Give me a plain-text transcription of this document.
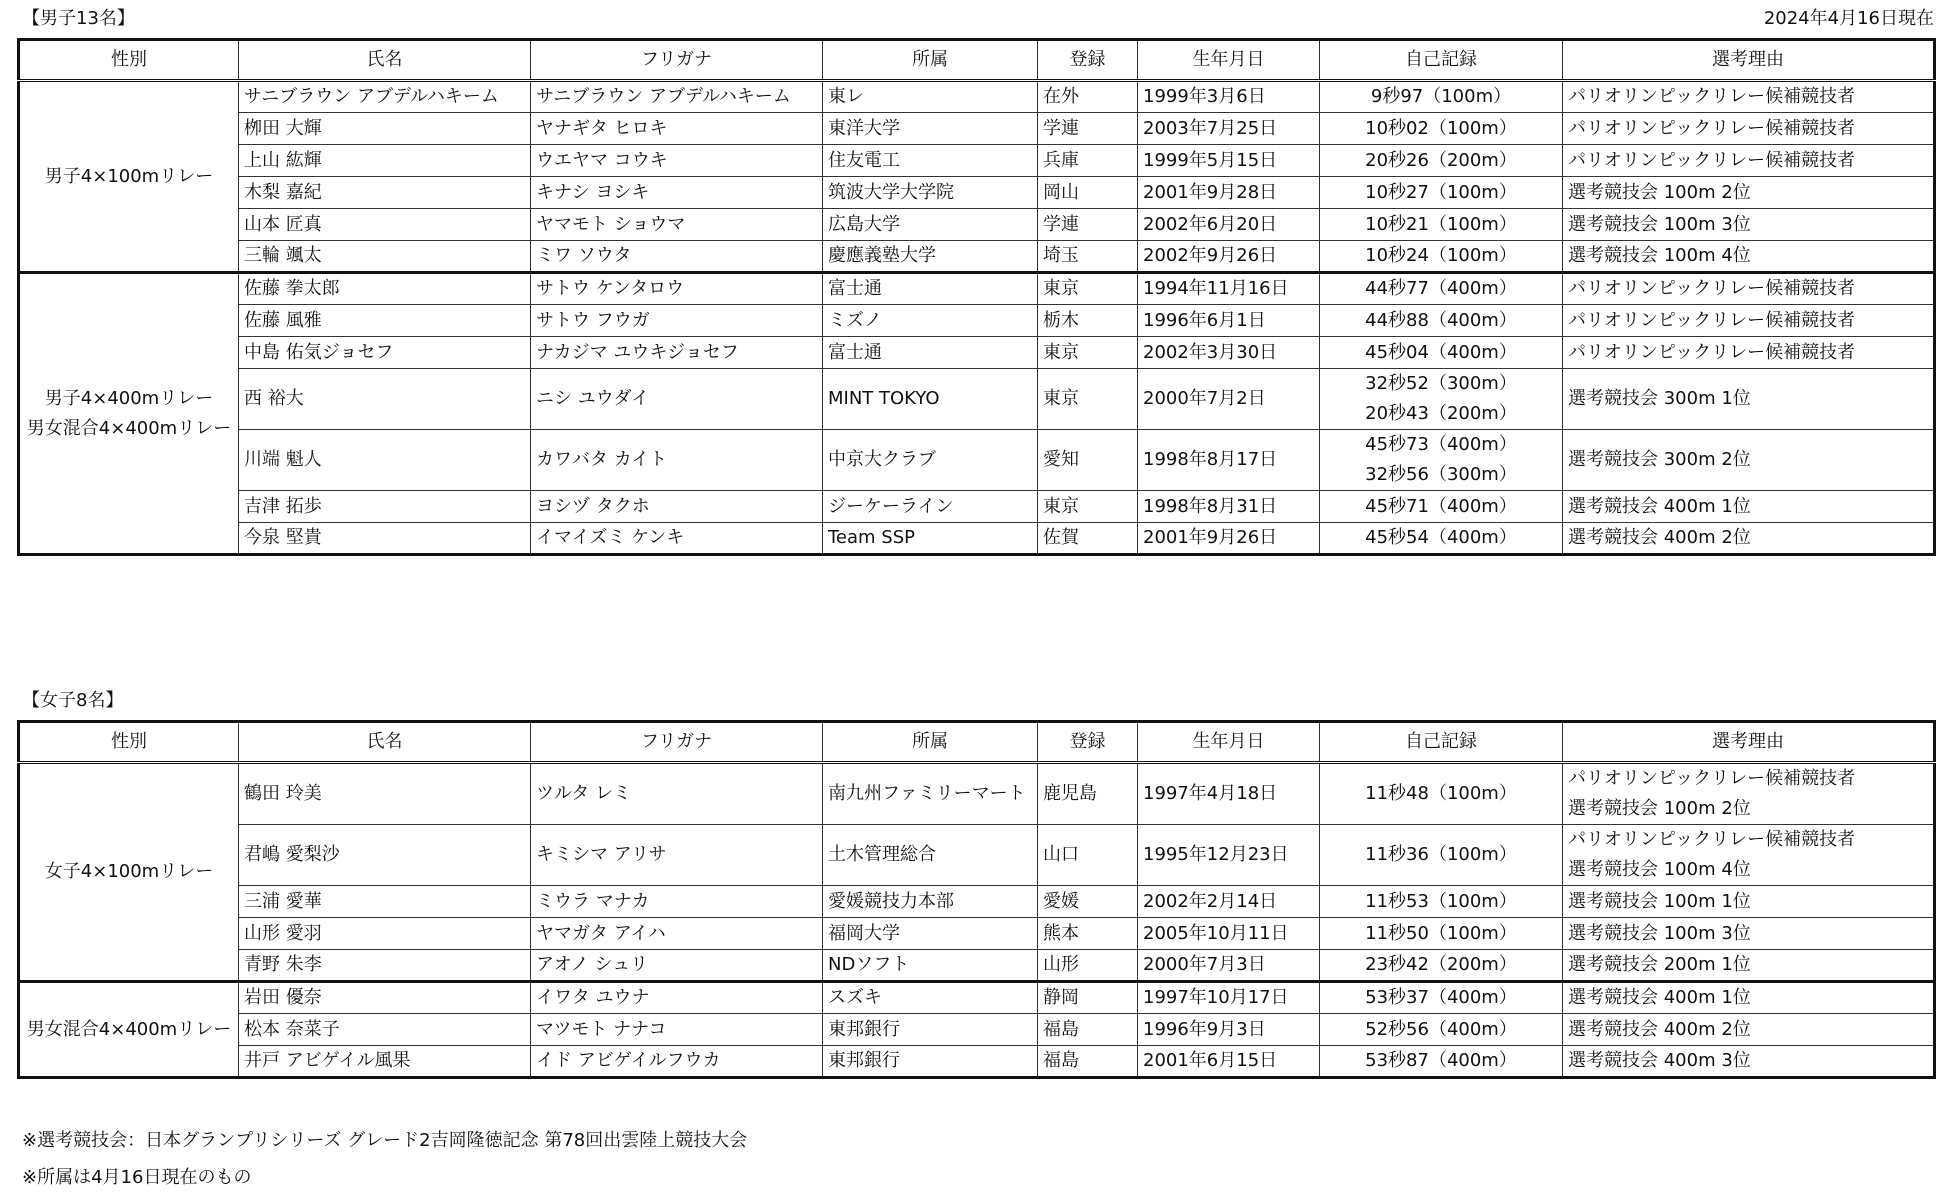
【男子13名】	2024年4月16日現在
性別	氏名	フリガナ	所属	登録	生年月日	自己記録	選考理由

男子4×100mリレー	サニブラウン アブデルハキーム	サニブラウン アブデルハキーム	東レ	在外	1999年3月6日	9秒97（100m）	パリオリンピックリレー候補競技者

	栁田 大輝	ヤナギタ ヒロキ	東洋大学	学連	2003年7月25日	10秒02（100m）	パリオリンピックリレー候補競技者

	上山 紘輝	ウエヤマ コウキ	住友電工	兵庫	1999年5月15日	20秒26（200m）	パリオリンピックリレー候補競技者

	木梨 嘉紀	キナシ ヨシキ	筑波大学大学院	岡山	2001年9月28日	10秒27（100m）	選考競技会 100m 2位

	山本 匠真	ヤマモト ショウマ	広島大学	学連	2002年6月20日	10秒21（100m）	選考競技会 100m 3位

	三輪 颯太	ミワ ソウタ	慶應義塾大学	埼玉	2002年9月26日	10秒24（100m）	選考競技会 100m 4位

男子4×400mリレー
男女混合4×400mリレー	佐藤 拳太郎	サトウ ケンタロウ	富士通	東京	1994年11月16日	44秒77（400m）	パリオリンピックリレー候補競技者

	佐藤 風雅	サトウ フウガ	ミズノ	栃木	1996年6月1日	44秒88（400m）	パリオリンピックリレー候補競技者

	中島 佑気ジョセフ	ナカジマ ユウキジョセフ	富士通	東京	2002年3月30日	45秒04（400m）	パリオリンピックリレー候補競技者

	西 裕大	ニシ ユウダイ	MINT TOKYO	東京	2000年7月2日	32秒52（300m）
20秒43（200m）	選考競技会 300m 1位

	川端 魁人	カワバタ カイト	中京大クラブ	愛知	1998年8月17日	45秒73（400m）
32秒56（300m）	選考競技会 300m 2位

	吉津 拓歩	ヨシヅ タクホ	ジーケーライン	東京	1998年8月31日	45秒71（400m）	選考競技会 400m 1位

	今泉 堅貴	イマイズミ ケンキ	Team SSP	佐賀	2001年9月26日	45秒54（400m）	選考競技会 400m 2位
【女子8名】
性別	氏名	フリガナ	所属	登録	生年月日	自己記録	選考理由

女子4×100mリレー	鶴田 玲美	ツルタ レミ	南九州ファミリーマート	鹿児島	1997年4月18日	11秒48（100m）	パリオリンピックリレー候補競技者
選考競技会 100m 2位

	君嶋 愛梨沙	キミシマ アリサ	土木管理総合	山口	1995年12月23日	11秒36（100m）	パリオリンピックリレー候補競技者
選考競技会 100m 4位

	三浦 愛華	ミウラ マナカ	愛媛競技力本部	愛媛	2002年2月14日	11秒53（100m）	選考競技会 100m 1位

	山形 愛羽	ヤマガタ アイハ	福岡大学	熊本	2005年10月11日	11秒50（100m）	選考競技会 100m 3位

	青野 朱李	アオノ シュリ	NDソフト	山形	2000年7月3日	23秒42（200m）	選考競技会 200m 1位

男女混合4×400mリレー	岩田 優奈	イワタ ユウナ	スズキ	静岡	1997年10月17日	53秒37（400m）	選考競技会 400m 1位

	松本 奈菜子	マツモト ナナコ	東邦銀行	福島	1996年9月3日	52秒56（400m）	選考競技会 400m 2位

	井戸 アビゲイル風果	イド アビゲイルフウカ	東邦銀行	福島	2001年6月15日	53秒87（400m）	選考競技会 400m 3位
※選考競技会：日本グランプリシリーズ グレード2吉岡隆徳記念 第78回出雲陸上競技大会
※所属は4月16日現在のもの
